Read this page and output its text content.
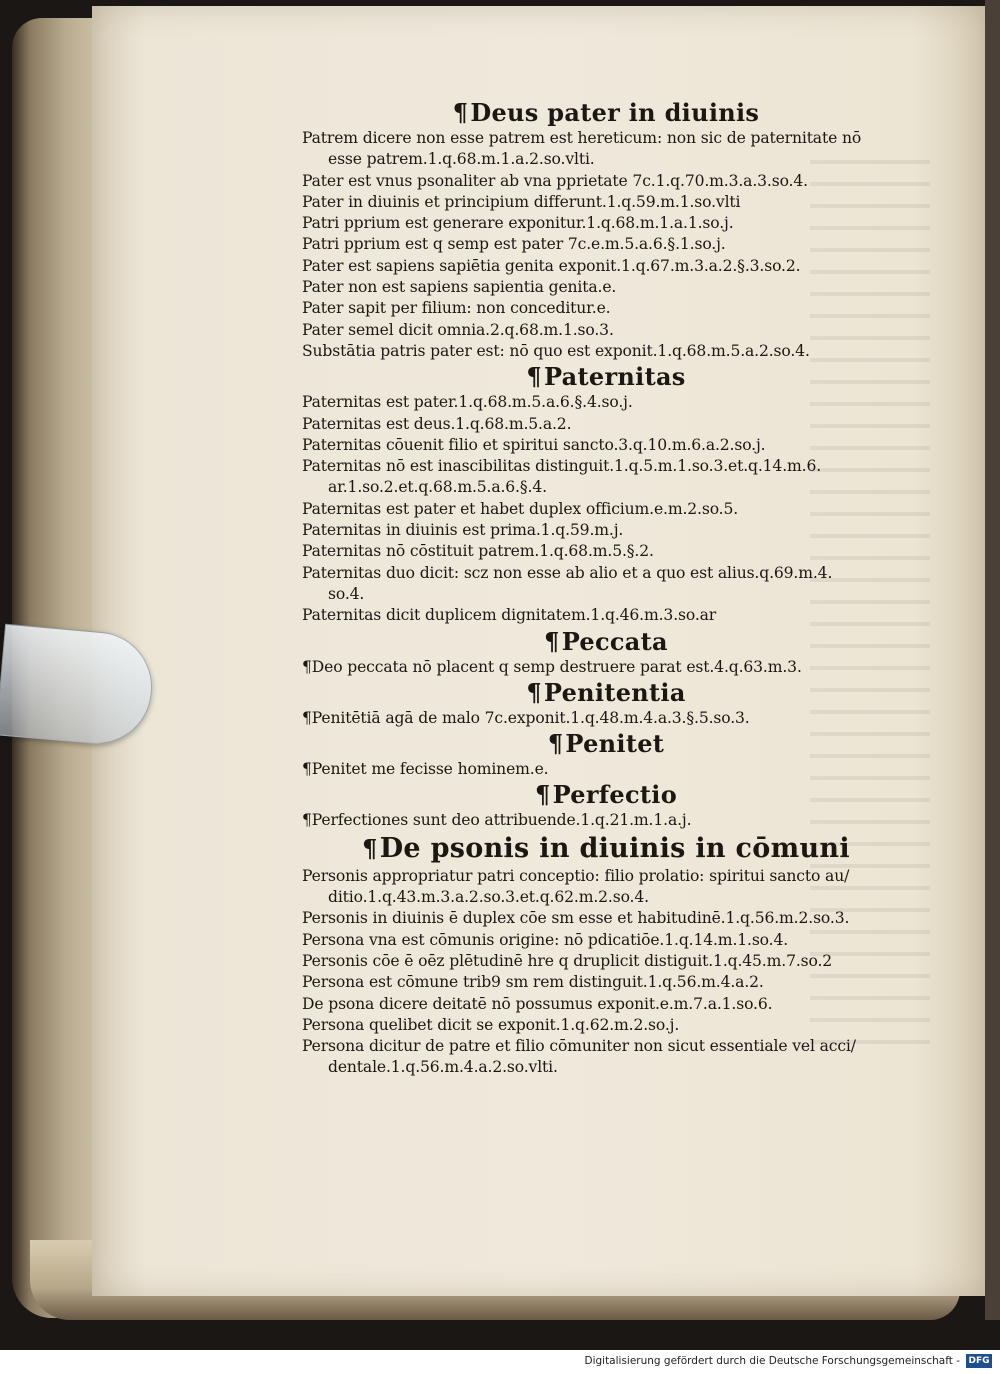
¶Deus pater in diuinis

Patrem dicere non esse patrem est hereticum: non sic de paternitate nō

esse patrem.1.q.68.m.1.a.2.so.vlti.

Pater est vnus psonaliter ab vna pprietate 7c.1.q.70.m.3.a.3.so.4.

Pater in diuinis et principium differunt.1.q.59.m.1.so.vlti

Patri pprium est generare exponitur.1.q.68.m.1.a.1.so.j.

Patri pprium est q semp est pater 7c.e.m.5.a.6.§.1.so.j.

Pater est sapiens sapiētia genita exponit.1.q.67.m.3.a.2.§.3.so.2.

Pater non est sapiens sapientia genita.e.

Pater sapit per filium: non conceditur.e.

Pater semel dicit omnia.2.q.68.m.1.so.3.

Substātia patris pater est: nō quo est exponit.1.q.68.m.5.a.2.so.4.

¶Paternitas

Paternitas est pater.1.q.68.m.5.a.6.§.4.so.j.

Paternitas est deus.1.q.68.m.5.a.2.

Paternitas cōuenit filio et spiritui sancto.3.q.10.m.6.a.2.so.j.

Paternitas nō est inascibilitas distinguit.1.q.5.m.1.so.3.et.q.14.m.6.

ar.1.so.2.et.q.68.m.5.a.6.§.4.

Paternitas est pater et habet duplex officium.e.m.2.so.5.

Paternitas in diuinis est prima.1.q.59.m.j.

Paternitas nō cōstituit patrem.1.q.68.m.5.§.2.

Paternitas duo dicit: scz non esse ab alio et a quo est alius.q.69.m.4.

so.4.

Paternitas dicit duplicem dignitatem.1.q.46.m.3.so.ar

¶Peccata

¶Deo peccata nō placent q semp destruere parat est.4.q.63.m.3.

¶Penitentia

¶Penitētiā agā de malo 7c.exponit.1.q.48.m.4.a.3.§.5.so.3.

¶Penitet

¶Penitet me fecisse hominem.e.

¶Perfectio

¶Perfectiones sunt deo attribuende.1.q.21.m.1.a.j.

¶De psonis in diuinis in cōmuni

Personis appropriatur patri conceptio: filio prolatio: spiritui sancto au/

ditio.1.q.43.m.3.a.2.so.3.et.q.62.m.2.so.4.

Personis in diuinis ē duplex cōe sm esse et habitudinē.1.q.56.m.2.so.3.

Persona vna est cōmunis origine: nō pdicatiōe.1.q.14.m.1.so.4.

Personis cōe ē oēz plētudinē hre q druplicit distiguit.1.q.45.m.7.so.2

Persona est cōmune trib9 sm rem distinguit.1.q.56.m.4.a.2.

De psona dicere deitatē nō possumus exponit.e.m.7.a.1.so.6.

Persona quelibet dicit se exponit.1.q.62.m.2.so.j.

Persona dicitur de patre et filio cōmuniter non sicut essentiale vel acci/

dentale.1.q.56.m.4.a.2.so.vlti.

Digitalisierung gefördert durch die Deutsche Forschungsgemeinschaft - DFG
